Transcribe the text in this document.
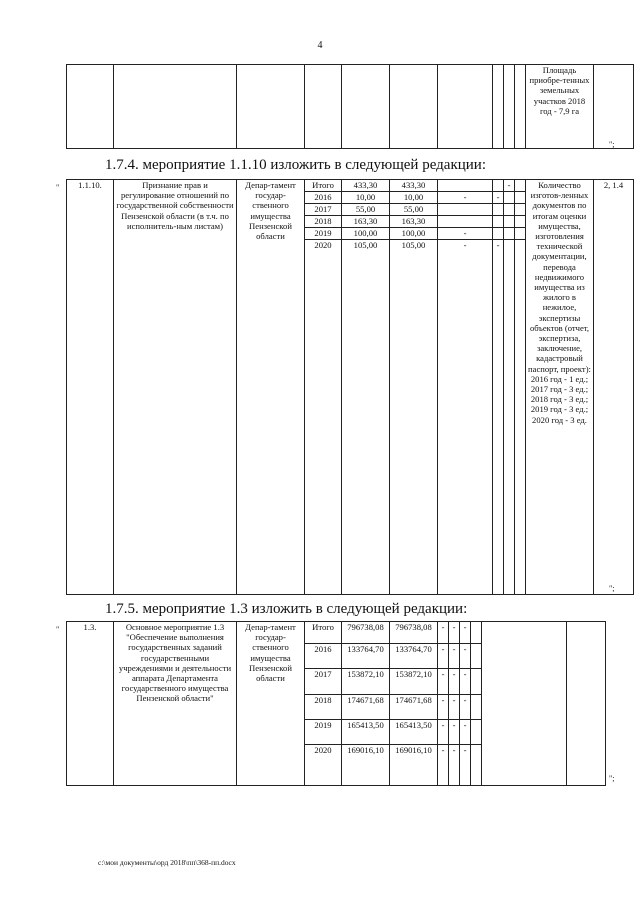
4
										Площадь приобре-тенных земельных участков 2018 год - 7,9 га	
";
1.7.4. мероприятие 1.1.10 изложить в следующей редакции:
" 1.1.10.	Признание прав и регулирование отношений по государственной собственности Пензенской области (в т.ч. по исполнитель-ным листам)	Депар-тамент государ-ственного имущества Пензенской области	Итого	433,30	433,30			-		Количество изготов-ленных документов по итогам оценки имущества, изготовления технической документации, перевода недвижимого имущества из жилого в нежилое, экспертизы объектов (отчет, экспертиза, заключение, кадастровый паспорт, проект): 2016 год - 1 ед.; 2017 год - 3 ед.; 2018 год - 3 ед.; 2019 год - 3 ед.; 2020 год - 3 ед.	2, 1.4
			2016	10,00	10,00	-	-				
			2017	55,00	55,00						
			2018	163,30	163,30						
			2019	100,00	100,00	-					
			2020	105,00	105,00	-	-				
";
1.7.5. мероприятие 1.3 изложить в следующей редакции:
"	1.3.	Основное мероприятие 1.3 "Обеспечение выполнения государственных заданий государственными учреждениями и деятельности аппарата Департамента государственного имущества Пензенской области"	Депар-тамент государ-ственного имущества Пензенской области	Итого	796738,08	796738,08	-	-	-			
			2016	133764,70	133764,70	-	-	-			
			2017	153872,10	153872,10	-	-	-			
			2018	174671,68	174671,68	-	-	-			
			2019	165413,50	165413,50	-	-	-			
			2020	169016,10	169016,10	-	-	-			
";
c:\мои документы\орд 2018\пп\368-пп.docx
